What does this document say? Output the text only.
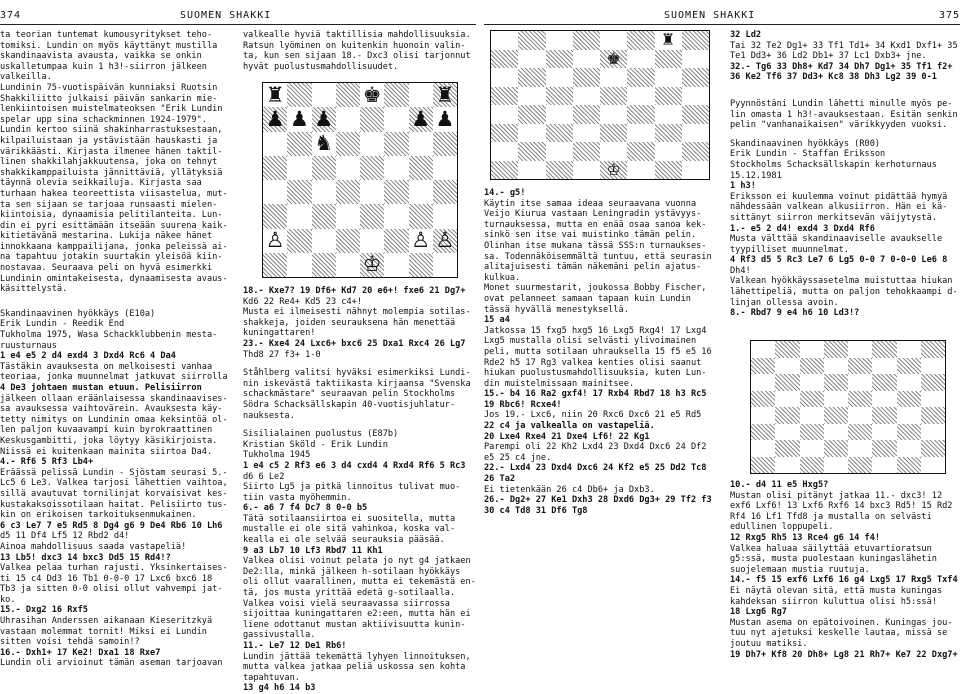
374	SUOMEN SHAKKI

ta teorian tuntemat kumousyritykset teho-

tomiksi. Lundin on myös käyttänyt mustilla

skandinaavista avausta, vaikka se onkin

uskalletumpaa kuin 1 h3!-siirron jälkeen

valkeilla.

Lundinin 75-vuotispäivän kunniaksi Ruotsin

Shakkiliitto julkaisi päivän sankarin mie-

lenkiintoisen muistelmateoksen "Erik Lundin

spelar upp sina schackminnen 1924-1979".

Lundin kertoo siinä shakinharrastuksestaan,

kilpailuistaan ja ystävistään hauskasti ja

värikkäästi. Kirjasta ilmenee hänen taktil-

linen shakkilahjakkuutensa, joka on tehnyt

shakkikamppailuista jännittäviä, yllätyksiä

täynnä olevia seikkailuja. Kirjasta saa

turhaan hakea teoreettista viisastelua, mut-

ta sen sijaan se tarjoaa runsaasti mielen-

kiintoisia, dynaamisia pelitilanteita. Lun-

din ei pyri esittämään itseään suurena kaik-

kitietävänä mestarina. Lukija näkee hänet

innokkaana kamppailijana, jonka peleissä ai-

na tapahtuu jotakin suurtakin yleisöä kiin-

nostavaa. Seuraava peli on hyvä esimerkki

Lundinin omintakeisesta, dynaamisesta avaus-

käsittelystä.

Skandinaavinen hyökkäys (E10a)

Erik Lundin - Reedik End

Tukholma 1975, Wasa Schackklubbenin mesta-

ruusturnaus

1 e4 e5 2 d4 exd4 3 Dxd4 Rc6 4 Da4

Tästäkin avauksesta on melkoisesti vanhaa

teoriaa, jonka muunnelmat jatkuvat siirrolla

4 De3 johtaen mustan etuun. Pelisiirron

jälkeen ollaan eräänlaisessa skandinaavises-

sa avauksessa vaihtovärein. Avauksesta käy-

tetty nimitys on Lundinin omaa keksintöä ol-

len paljon kuvaavampi kuin byrokraattinen

Keskusgambitti, joka löytyy käsikirjoista.

Niissä ei kuitenkaan mainita siirtoa Da4.

4.- Rf6 5 Rf3 Lb4+

Eräässä pelissä Lundin - Sjöstam seurasi 5.-

Lc5 6 Le3. Valkea tarjosi lähettien vaihtoa,

sillä avautuvat tornilinjat korvaisivat kes-

kustakaksoissotilaan haitat. Pelisiirto tus-

kin on erikoisen tarkoituksenmukainen.

6 c3 Le7 7 e5 Rd5 8 Dg4 g6 9 De4 Rb6 10 Lh6

d5 11 Df4 Lf5 12 Rbd2 d4!

Ainoa mahdollisuus saada vastapeliä!

13 Lb5! dxc3 14 bxc3 Dd5 15 Rd4!?

Valkea pelaa turhan rajusti. Yksinkertaises-

ti 15 c4 Dd3 16 Tb1 0-0-0 17 Lxc6 bxc6 18

Tb3 ja sitten 0-0 olisi ollut vahvempi jat-

ko.

15.- Dxg2 16 Rxf5

Uhrasihan Anderssen aikanaan Kieseritzkyä

vastaan molemmat tornit! Miksi ei Lundin

sitten voisi tehdä samoin!?

16.- Dxh1+ 17 Ke2! Dxa1 18 Rxe7

Lundin oli arvioinut tämän aseman tarjoavan

valkealle hyviä taktillisia mahdollisuuksia.

Ratsun lyöminen on kuitenkin huonoin valin-

ta, kun sen sijaan 18.- Dxc3 olisi tarjonnut

hyvät puolustusmahdollisuudet.

♜	♚	♜
♟ ♟ ♟	♟ ♟
♞
♙	♙ ♙
♔

18.- Kxe7? 19 Df6+ Kd7 20 e6+! fxe6 21 Dg7+

Kd6 22 Re4+ Kd5 23 c4+!

Musta ei ilmeisesti nähnyt molempia sotilas-

shakkeja, joiden seurauksena hän menettää

kuningattaren!

23.- Kxe4 24 Lxc6+ bxc6 25 Dxa1 Rxc4 26 Lg7

Thd8 27 f3+ 1-0

Ståhlberg valitsi hyväksi esimerkiksi Lundi-

nin iskevästä taktiikasta kirjaansa "Svenska

schackmästare" seuraavan pelin Stockholms

Södra Schacksällskapin 40-vuotisjuhlatur-

nauksesta.

Sisilialainen puolustus (E87b)

Kristian Sköld - Erik Lundin

Tukholma 1945

1 e4 c5 2 Rf3 e6 3 d4 cxd4 4 Rxd4 Rf6 5 Rc3

d6 6 Le2

Siirto Lg5 ja pitkä linnoitus tulivat muo-

tiin vasta myöhemmin.

6.- a6 7 f4 Dc7 8 0-0 b5

Tätä sotilaansiirtoa ei suositella, mutta

mustalle ei ole sitä vahinkoa, koska val-

kealla ei ole selvää seurauksia pääsää.

9 a3 Lb7 10 Lf3 Rbd7 11 Kh1

Valkea olisi voinut pelata jo nyt g4 jatkaen

De2:lla, minkä jälkeen h-sotilaan hyökkäys

oli ollut vaarallinen, mutta ei tekemästä en-

tä, jos musta yrittää edetä g-sotilaalla.

Valkea voisi vielä seuraavassa siirrossa

sijoittaa kuningattaren e2:een, mutta hän ei

liene odottanut mustan aktiivisuutta kunin-

gassivustalla.

11.- Le7 12 De1 Rb6!

Lundin jättää tekemättä lyhyen linnoituksen,

mutta valkea jatkaa peliä uskossa sen kohta

tapahtuvan.

13 g4 h6 14 b3

SUOMEN SHAKKI	375
♜
♚
♔

14.- g5!

Käytin itse samaa ideaa seuraavana vuonna

Veijo Kiurua vastaan Leningradin ystävyys-

turnauksessa, mutta en enää osaa sanoa kek-

sinkö sen itse vai muistinko tämän pelin.

Olinhan itse mukana tässä SSS:n turnaukses-

sa. Todennäköisemmältä tuntuu, että seurasin

alitajuisesti tämän näkemäni pelin ajatus-

kulkua.

Monet suurmestarit, joukossa Bobby Fischer,

ovat pelanneet samaan tapaan kuin Lundin

tässä hyvällä menestyksellä.

15 a4

Jatkossa 15 fxg5 hxg5 16 Lxg5 Rxg4! 17 Lxg4

Lxg5 mustalla olisi selvästi ylivoimainen

peli, mutta sotilaan uhrauksella 15 f5 e5 16

Rde2 h5 17 Rg3 valkea kenties olisi saanut

hiukan puolustusmahdollisuuksia, kuten Lun-

din muistelmissaan mainitsee.

15.- b4 16 Ra2 gxf4! 17 Rxb4 Rbd7 18 h3 Rc5

19 Rbc6! Rcxe4!

Jos 19.- Lxc6, niin 20 Rxc6 Dxc6 21 e5 Rd5

22 c4 ja valkealla on vastapeliä.

20 Lxe4 Rxe4 21 Dxe4 Lf6! 22 Kg1

Parempi oli 22 Kh2 Lxd4 23 Dxd4 Dxc6 24 Df2

e5 25 c4 jne.

22.- Lxd4 23 Dxd4 Dxc6 24 Kf2 e5 25 Dd2 Tc8

26 Ta2

Ei tietenkään 26 c4 Db6+ ja Dxb3.

26.- Dg2+ 27 Ke1 Dxh3 28 Dxd6 Dg3+ 29 Tf2 f3

30 c4 Td8 31 Df6 Tg8

32 Ld2

Tai 32 Te2 Dg1+ 33 Tf1 Td1+ 34 Kxd1 Dxf1+ 35

Te1 Dd3+ 36 Ld2 Db1+ 37 Lc1 Dxb3+ jne.

32.- Tg6 33 Dh8+ Kd7 34 Dh7 Dg1+ 35 Tf1 f2+

36 Ke2 Tf6 37 Dd3+ Kc8 38 Dh3 Lg2 39 0-1

Pyynnöstäni Lundin lähetti minulle myös pe-

lin omasta 1 h3!-avauksestaan. Esitän senkin

pelin "vanhanaikaisen" värikkyyden vuoksi.

Skandinaavinen hyökkäys (R00)

Erik Lundin - Staffan Eriksson

Stockholms Schacksällskapin kerhoturnaus

15.12.1981

1 h3!

Eriksson ei kuulemma voinut pidättää hymyä

nähdessään valkean alkusiirron. Hän ei kä-

sittänyt siirron merkitsevän väijytystä.

1.- e5 2 d4! exd4 3 Dxd4 Rf6

Musta välttää skandinaaviselle avaukselle

tyypilliset muunnelmat.

4 Rf3 d5 5 Rc3 Le7 6 Lg5 0-0 7 0-0-0 Le6 8

Dh4!

Valkean hyökkäyssasetelma muistuttaa hiukan

lähettipeliä, mutta on paljon tehokkaampi d-

linjan ollessa avoin.

8.- Rbd7 9 e4 h6 10 Ld3!?

10.- d4 11 e5 Hxg5?

Mustan olisi pitänyt jatkaa 11.- dxc3! 12

exf6 Lxf6! 13 Lxf6 Rxf6 14 bxc3 Rd5! 15 Rd2

Rf4 16 Lf1 Tfd8 ja mustalla on selvästi

edullinen loppupeli.

12 Rxg5 Rh5 13 Rce4 g6 14 f4!

Valkea haluaa säilyttää etuvartioratsun

g5:ssä, musta puolestaan kuningaslähetin

suojelemaan mustia ruutuja.

14.- f5 15 exf6 Lxf6 16 g4 Lxg5 17 Rxg5 Txf4

Ei näytä olevan sitä, että musta kuningas

kahdeksan siirron kuluttua olisi h5:ssä!

18 Lxg6 Rg7

Mustan asema on epätoivoinen. Kuningas jou-

tuu nyt ajetuksi keskelle lautaa, missä se

joutuu matiksi.

19 Dh7+ Kf8 20 Dh8+ Lg8 21 Rh7+ Ke7 22 Dxg7+
